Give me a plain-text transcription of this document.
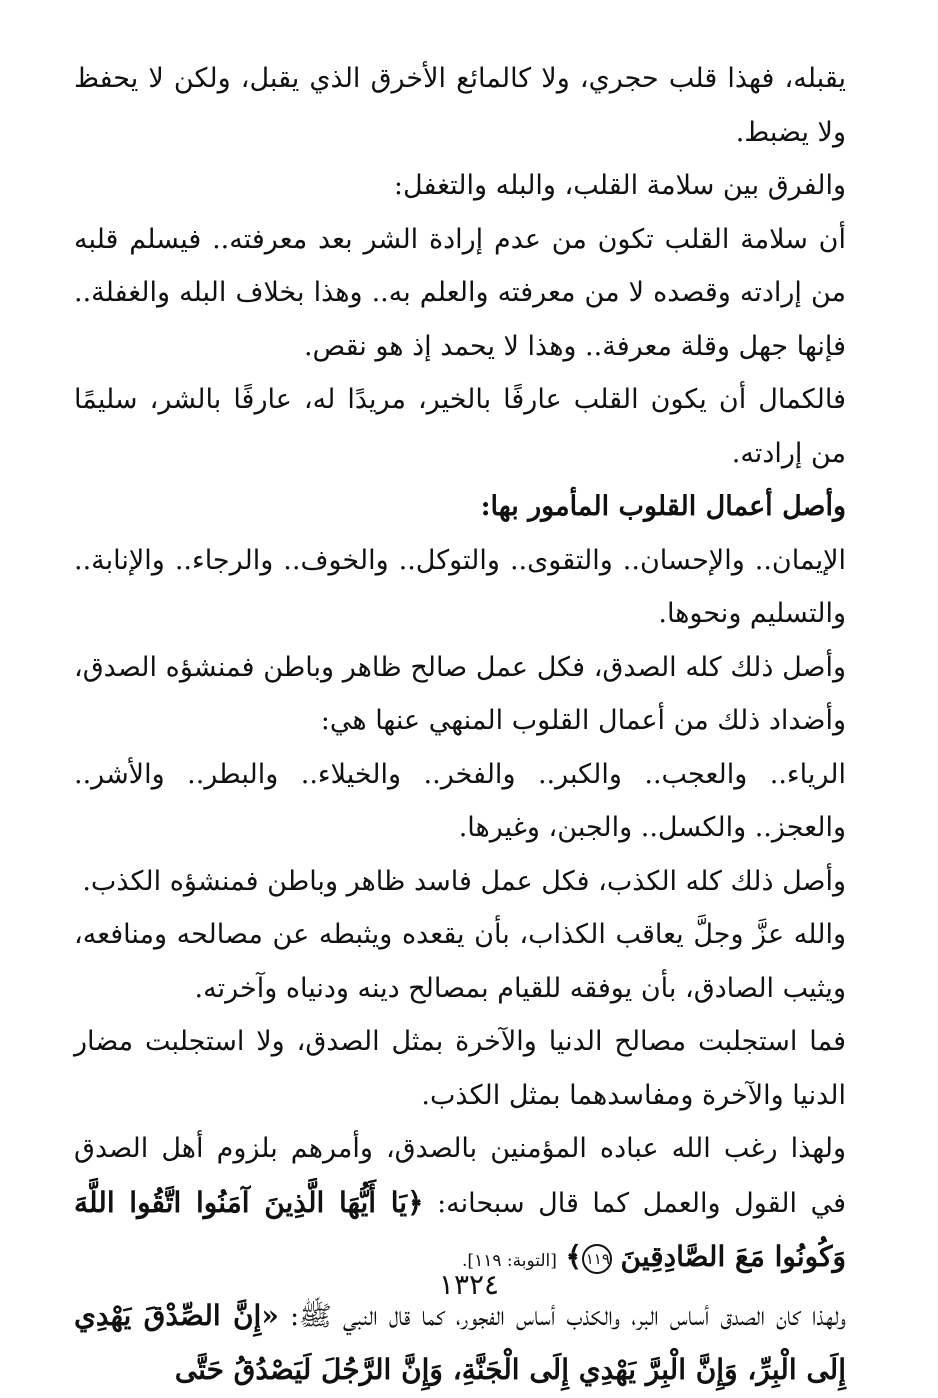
يقبله، فهذا قلب حجري، ولا كالمائع الأخرق الذي يقبل، ولكن لا يحفظ ولا يضبط.

والفرق بين سلامة القلب، والبله والتغفل:

أن سلامة القلب تكون من عدم إرادة الشر بعد معرفته.. فيسلم قلبه من إرادته وقصده لا من معرفته والعلم به.. وهذا بخلاف البله والغفلة.. فإنها جهل وقلة معرفة.. وهذا لا يحمد إذ هو نقص.

فالكمال أن يكون القلب عارفًا بالخير، مريدًا له، عارفًا بالشر، سليمًا من إرادته.

وأصل أعمال القلوب المأمور بها:

الإيمان.. والإحسان.. والتقوى.. والتوكل.. والخوف.. والرجاء.. والإنابة.. والتسليم ونحوها.

وأصل ذلك كله الصدق، فكل عمل صالح ظاهر وباطن فمنشؤه الصدق، وأضداد ذلك من أعمال القلوب المنهي عنها هي:

الرياء.. والعجب.. والكبر.. والفخر.. والخيلاء.. والبطر.. والأشر.. والعجز.. والكسل.. والجبن، وغيرها.

وأصل ذلك كله الكذب، فكل عمل فاسد ظاهر وباطن فمنشؤه الكذب.

والله عزَّ وجلَّ يعاقب الكذاب، بأن يقعده ويثبطه عن مصالحه ومنافعه، ويثيب الصادق، بأن يوفقه للقيام بمصالح دينه ودنياه وآخرته.

فما استجلبت مصالح الدنيا والآخرة بمثل الصدق، ولا استجلبت مضار الدنيا والآخرة ومفاسدهما بمثل الكذب.

ولهذا رغب الله عباده المؤمنين بالصدق، وأمرهم بلزوم أهل الصدق في القول والعمل كما قال سبحانه: ﴿يَا أَيُّهَا الَّذِينَ آمَنُوا اتَّقُوا اللَّهَ وَكُونُوا مَعَ الصَّادِقِينَ ١١٩﴾ [التوبة: ١١٩].

ولهذا كان الصدق أساس البر، والكذب أساس الفجور، كما قال النبي ﷺ: «إِنَّ الصِّدْقَ يَهْدِي إِلَى الْبِرِّ، وَإِنَّ الْبِرَّ يَهْدِي إِلَى الْجَنَّةِ، وَإِنَّ الرَّجُلَ لَيَصْدُقُ حَتَّى

١٣٢٤
